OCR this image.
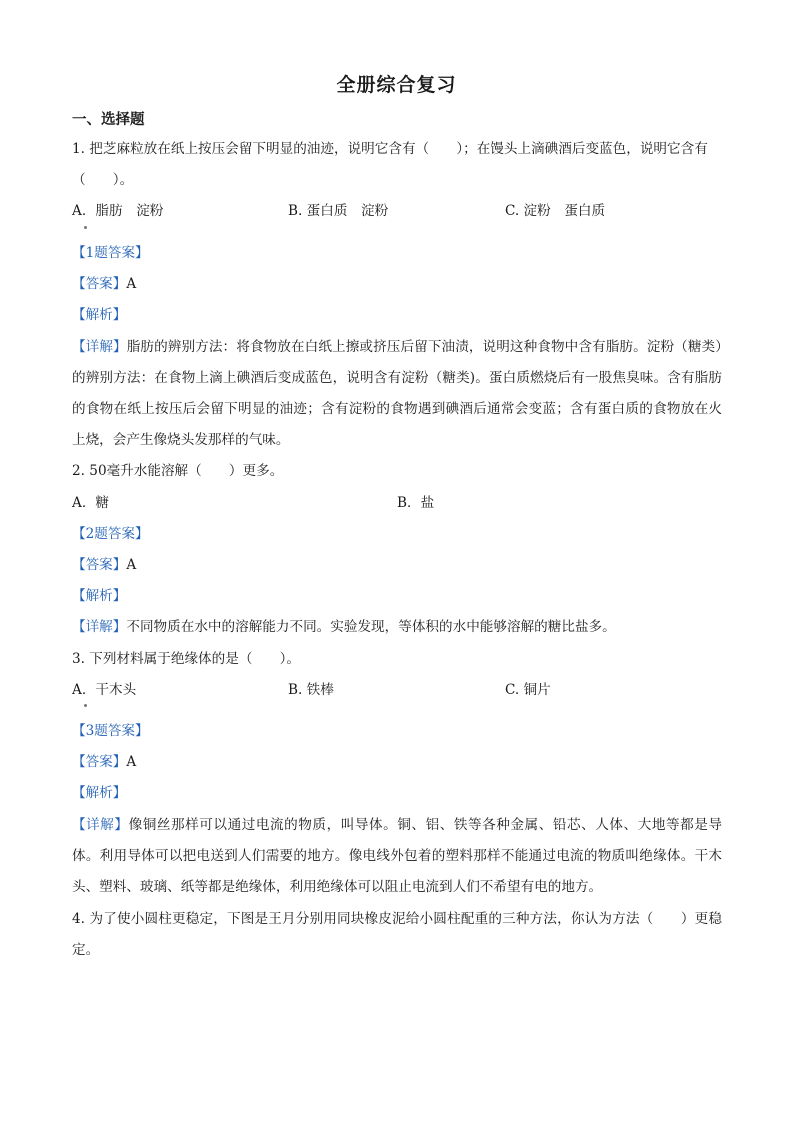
全册综合复习
一、选择题
1. 把芝麻粒放在纸上按压会留下明显的油迹，说明它含有（　　）；在馒头上滴碘酒后变蓝色，说明它含有
（　　）。
A．脂肪　淀粉	B. 蛋白质　淀粉	C. 淀粉　蛋白质
【1题答案】
【答案】A
【解析】
【详解】脂肪的辨别方法：将食物放在白纸上擦或挤压后留下油渍，说明这种食物中含有脂肪。淀粉（糖类）的辨别方法：在食物上滴上碘酒后变成蓝色，说明含有淀粉（糖类)。蛋白质燃烧后有一股焦臭味。含有脂肪的食物在纸上按压后会留下明显的油迹；含有淀粉的食物遇到碘酒后通常会变蓝；含有蛋白质的食物放在火上烧，会产生像烧头发那样的气味。
2. 50毫升水能溶解（　　）更多。
A．糖	B．盐
【2题答案】
【答案】A
【解析】
【详解】不同物质在水中的溶解能力不同。实验发现，等体积的水中能够溶解的糖比盐多。
3. 下列材料属于绝缘体的是（　　）。
A．干木头	B. 铁棒	C. 铜片
【3题答案】
【答案】A
【解析】
【详解】像铜丝那样可以通过电流的物质，叫导体。铜、铝、铁等各种金属、铅芯、人体、大地等都是导体。利用导体可以把电送到人们需要的地方。像电线外包着的塑料那样不能通过电流的物质叫绝缘体。干木头、塑料、玻璃、纸等都是绝缘体，利用绝缘体可以阻止电流到人们不希望有电的地方。
4. 为了使小圆柱更稳定，下图是王月分别用同块橡皮泥给小圆柱配重的三种方法，你认为方法（　　）更稳定。
